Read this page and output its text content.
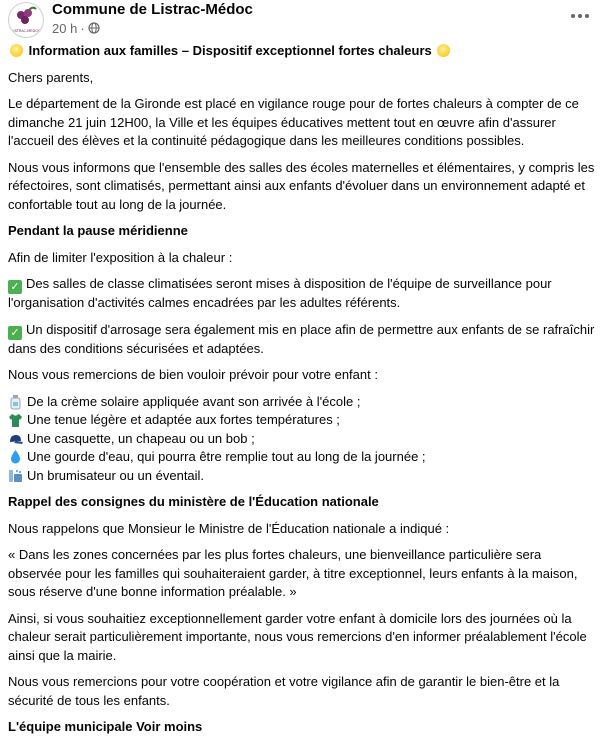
LISTRAC-MÉDOC
Commune de Listrac-Médoc
20 h ·
Information aux familles – Dispositif exceptionnel fortes chaleurs
Chers parents,
Le département de la Gironde est placé en vigilance rouge pour de fortes chaleurs à compter de ce dimanche 21 juin 12H00, la Ville et les équipes éducatives mettent tout en œuvre afin d'assurer l'accueil des élèves et la continuité pédagogique dans les meilleures conditions possibles.
Nous vous informons que l'ensemble des salles des écoles maternelles et élémentaires, y compris les réfectoires, sont climatisés, permettant ainsi aux enfants d'évoluer dans un environnement adapté et confortable tout au long de la journée.
Pendant la pause méridienne
Afin de limiter l'exposition à la chaleur :
✓ Des salles de classe climatisées seront mises à disposition de l'équipe de surveillance pour l'organisation d'activités calmes encadrées par les adultes référents.
✓ Un dispositif d'arrosage sera également mis en place afin de permettre aux enfants de se rafraîchir dans des conditions sécurisées et adaptées.
Nous vous remercions de bien vouloir prévoir pour votre enfant :
De la crème solaire appliquée avant son arrivée à l'école ;
Une tenue légère et adaptée aux fortes températures ;
Une casquette, un chapeau ou un bob ;
Une gourde d'eau, qui pourra être remplie tout au long de la journée ;
Un brumisateur ou un éventail.
Rappel des consignes du ministère de l'Éducation nationale
Nous rappelons que Monsieur le Ministre de l'Éducation nationale a indiqué :
« Dans les zones concernées par les plus fortes chaleurs, une bienveillance particulière sera observée pour les familles qui souhaiteraient garder, à titre exceptionnel, leurs enfants à la maison, sous réserve d'une bonne information préalable. »
Ainsi, si vous souhaitiez exceptionnellement garder votre enfant à domicile lors des journées où la chaleur serait particulièrement importante, nous vous remercions d'en informer préalablement l'école ainsi que la mairie.
Nous vous remercions pour votre coopération et votre vigilance afin de garantir le bien-être et la sécurité de tous les enfants.
L'équipe municipale Voir moins
